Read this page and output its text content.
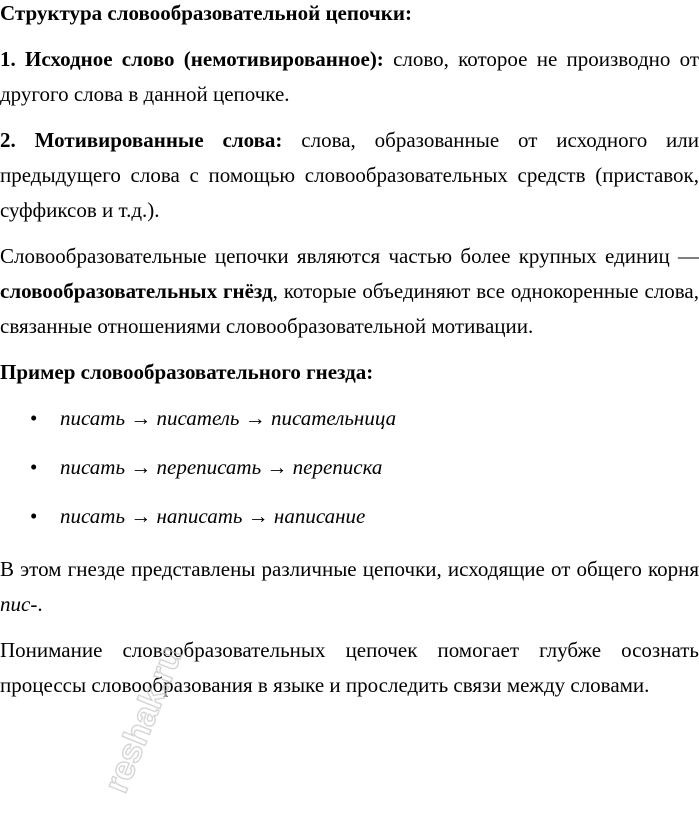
Структура словообразовательной цепочки:

1. Исходное слово (немотивированное): слово, которое не производно от другого слова в данной цепочке.

2. Мотивированные слова: слова, образованные от исходного или предыдущего слова с помощью словообразовательных средств (приставок, суффиксов и т.д.).

Словообразовательные цепочки являются частью более крупных единиц — словообразовательных гнёзд, которые объединяют все однокоренные слова, связанные отношениями словообразовательной мотивации.

Пример словообразовательного гнезда:
• писать → писатель → писательница
• писать → переписать → переписка
• писать → написать → написание

В этом гнезде представлены различные цепочки, исходящие от общего корня пис-.

Понимание словообразовательных цепочек помогает глубже осознать процессы словообразования в языке и проследить связи между словами.

reshak.ru
